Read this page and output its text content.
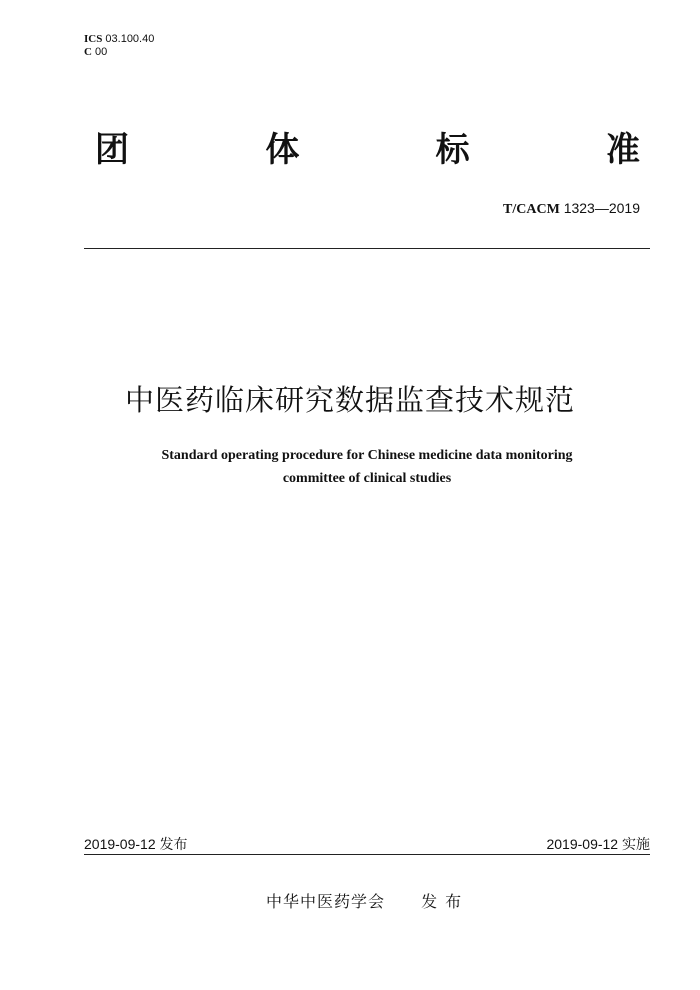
ICS 03.100.40
C 00
团	体	标	准
T/CACM 1323—2019
中医药临床研究数据监查技术规范
Standard operating procedure for Chinese medicine data monitoring
committee of clinical studies
2019-09-12 发布	2019-09-12 实施
中华中医药学会 发布
